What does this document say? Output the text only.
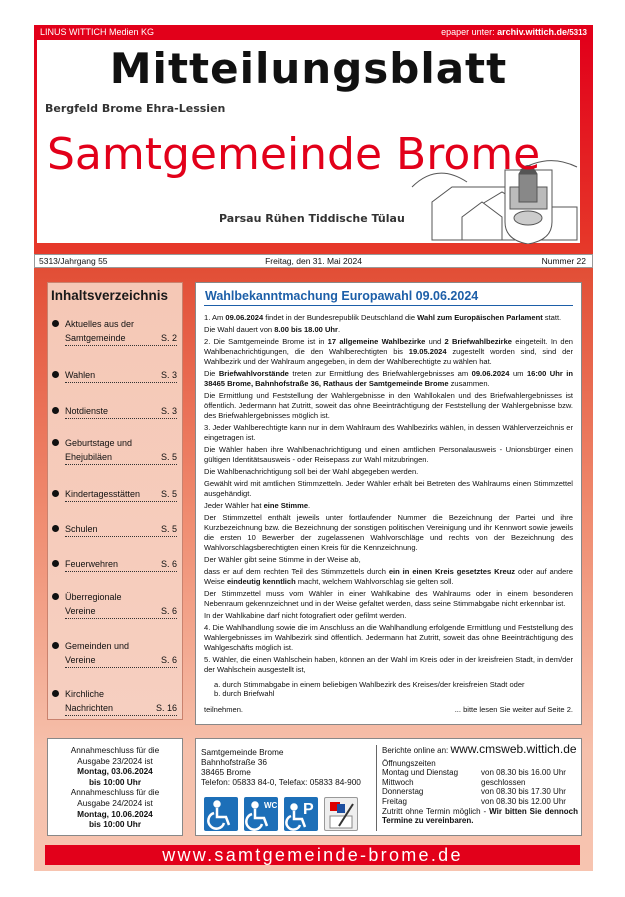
LINUS WITTICH Medien KG	epaper unter: archiv.wittich.de/5313
Mitteilungsblatt
Bergfeld Brome Ehra-Lessien
Samtgemeinde Brome
Parsau Rühen Tiddische Tülau
5313/Jahrgang 55	Freitag, den 31. Mai 2024	Nummer 22
Inhaltsverzeichnis
Aktuelles aus der
Samtgemeinde	S. 2
Wahlen	S. 3
Notdienste	S. 3
Geburtstage und
Ehejubiläen	S. 5
Kindertagesstätten S. 5
Schulen	S. 5
Feuerwehren	S. 6
Überregionale
Vereine	S. 6
Gemeinden und
Vereine	S. 6
Kirchliche
Nachrichten	S. 16
Wahlbekanntmachung Europawahl 09.06.2024

1. Am 09.06.2024 findet in der Bundesrepublik Deutschland die Wahl zum Europäischen Parlament statt.

Die Wahl dauert von 8.00 bis 18.00 Uhr.

2. Die Samtgemeinde Brome ist in 17 allgemeine Wahlbezirke und 2 Briefwahlbezirke eingeteilt. In den Wahlbenachrichtigungen, die den Wahlberechtigten bis 19.05.2024 zugestellt worden sind, sind der Wahlbezirk und der Wahlraum angegeben, in dem der Wahlberechtigte zu wählen hat.

Die Briefwahlvorstände treten zur Ermittlung des Briefwahlergebnisses am 09.06.2024 um 16:00 Uhr in 38465 Brome, Bahnhofstraße 36, Rathaus der Samtgemeinde Brome zusammen.

Die Ermittlung und Feststellung der Wahlergebnisse in den Wahllokalen und des Briefwahlergebnisses ist öffentlich. Jedermann hat Zutritt, soweit das ohne Beeinträchtigung der Feststellung der Wahlergebnisse bzw. des Briefwahlergebnisses möglich ist.

3. Jeder Wahlberechtigte kann nur in dem Wahlraum des Wahlbezirks wählen, in dessen Wählerverzeichnis er eingetragen ist.

Die Wähler haben ihre Wahlbenachrichtigung und einen amtlichen Personalausweis - Unionsbürger einen gültigen Identitätsausweis - oder Reisepass zur Wahl mitzubringen.

Die Wahlbenachrichtigung soll bei der Wahl abgegeben werden.

Gewählt wird mit amtlichen Stimmzetteln. Jeder Wähler erhält bei Betreten des Wahlraums einen Stimmzettel ausgehändigt.

Jeder Wähler hat eine Stimme.

Der Stimmzettel enthält jeweils unter fortlaufender Nummer die Bezeichnung der Partei und ihre Kurzbezeichnung bzw. die Bezeichnung der sonstigen politischen Vereinigung und ihr Kennwort sowie jeweils die ersten 10 Bewerber der zugelassenen Wahlvorschläge und rechts von der Bezeichnung des Wahlvorschlagsberechtigten einen Kreis für die Kennzeichnung.

Der Wähler gibt seine Stimme in der Weise ab,

dass er auf dem rechten Teil des Stimmzettels durch ein in einen Kreis gesetztes Kreuz oder auf andere Weise eindeutig kenntlich macht, welchem Wahlvorschlag sie gelten soll.

Der Stimmzettel muss vom Wähler in einer Wahlkabine des Wahlraums oder in einem besonderen Nebenraum gekennzeichnet und in der Weise gefaltet werden, dass seine Stimmabgabe nicht erkennbar ist.

In der Wahlkabine darf nicht fotografiert oder gefilmt werden.

4. Die Wahlhandlung sowie die im Anschluss an die Wahlhandlung erfolgende Ermittlung und Feststellung des Wahlergebnisses im Wahlbezirk sind öffentlich. Jedermann hat Zutritt, soweit das ohne Beeinträchtigung des Wahlgeschäfts möglich ist.

5. Wähler, die einen Wahlschein haben, können an der Wahl im Kreis oder in der kreisfreien Stadt, in dem/der der Wahlschein ausgestellt ist,

a. durch Stimmabgabe in einem beliebigen Wahlbezirk des Kreises/der kreisfreien Stadt oder

b. durch Briefwahl

teilnehmen.	... bitte lesen Sie weiter auf Seite 2.

Annahmeschluss für die
Ausgabe 23/2024 ist
Montag, 03.06.2024
bis 10:00 Uhr
Annahmeschluss für die
Ausgabe 24/2024 ist
Montag, 10.06.2024
bis 10:00 Uhr
Samtgemeinde Brome
Bahnhofstraße 36
38465 Brome
Telefon: 05833 84-0, Telefax: 05833 84-900
WC P
Berichte online an: www.cmsweb.wittich.de
Öffnungszeiten
Montag und Dienstag	von 08.30 bis 16.00 Uhr
Mittwoch	geschlossen
Donnerstag	von 08.30 bis 17.30 Uhr
Freitag	von 08.30 bis 12.00 Uhr
Zutritt ohne Termin möglich - Wir bitten Sie dennoch Termine zu vereinbaren.
www.samtgemeinde-brome.de
